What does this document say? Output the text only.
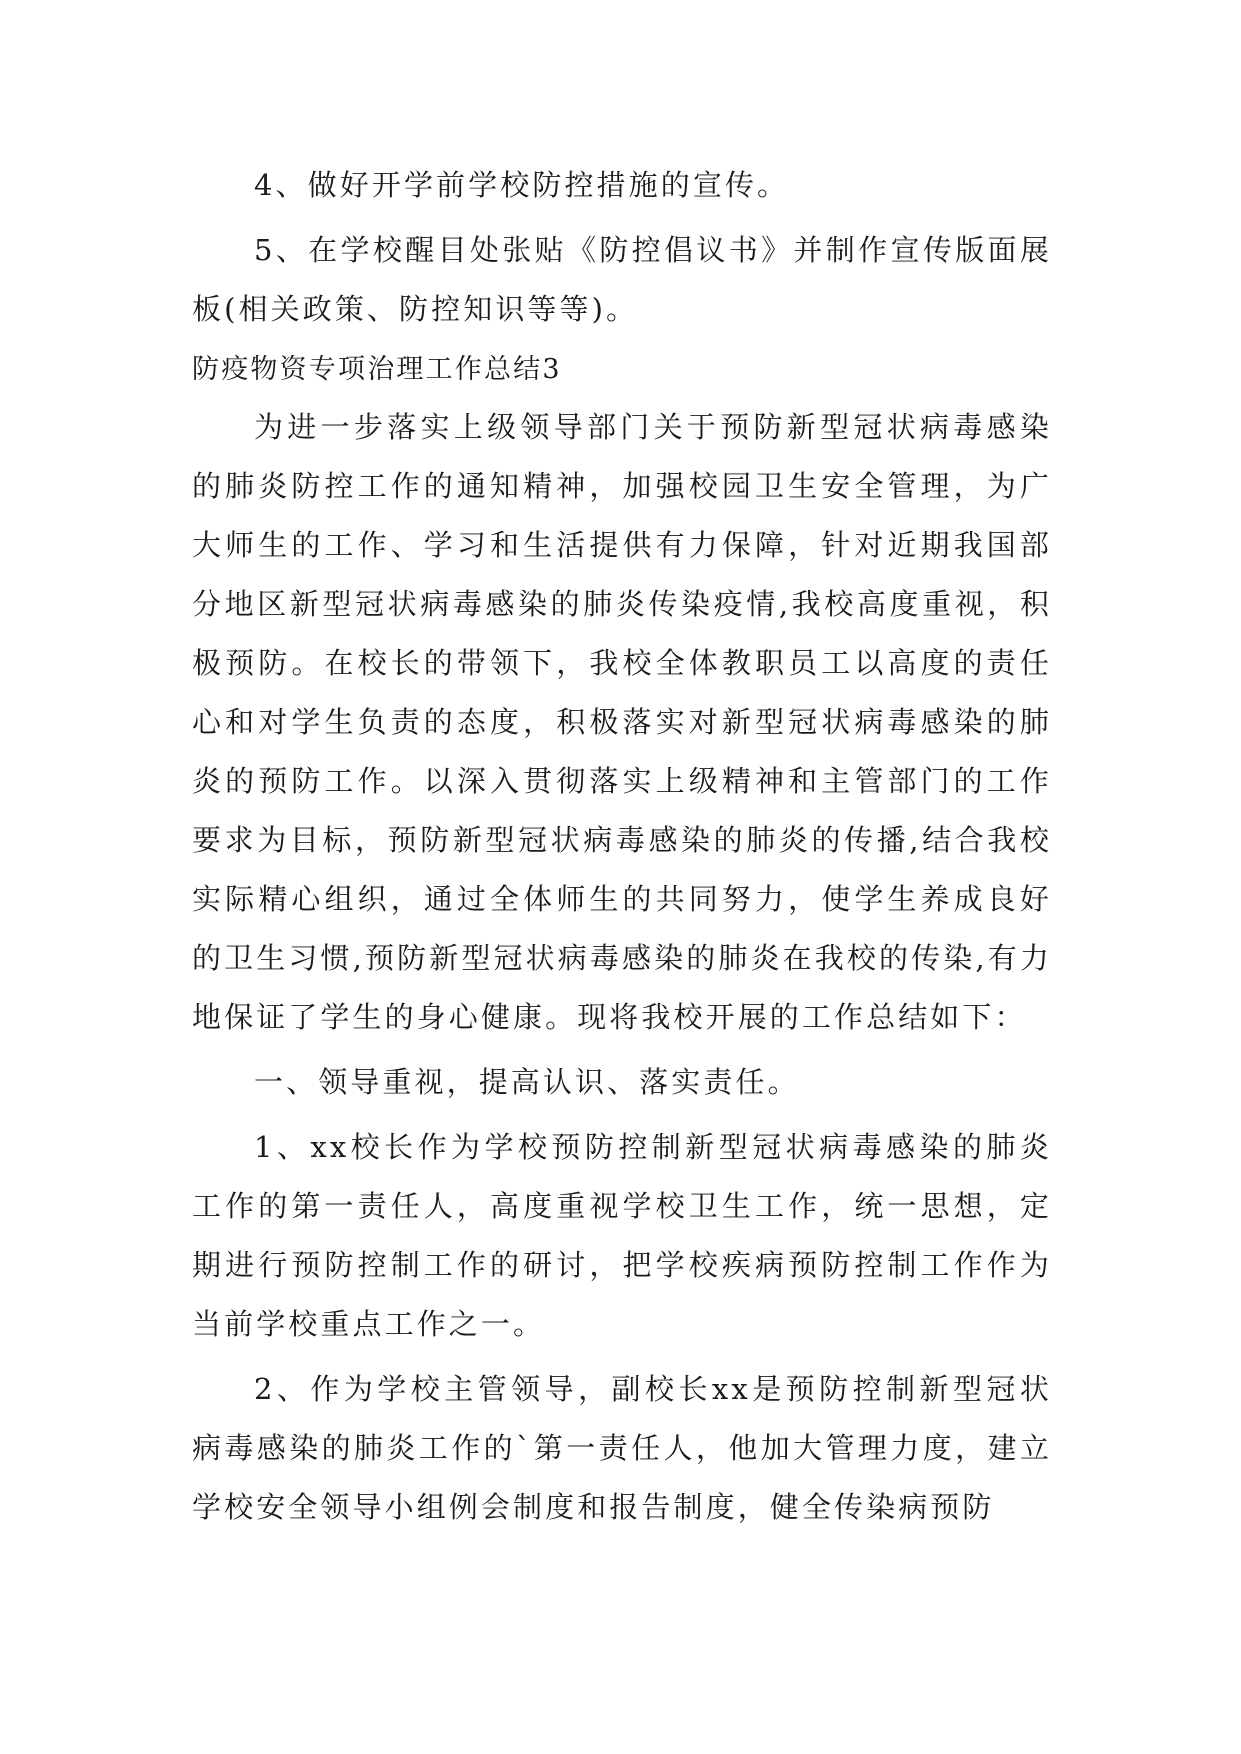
4、做好开学前学校防控措施的宣传。

5、在学校醒目处张贴《防控倡议书》并制作宣传版面展板(相关政策、防控知识等等)。

防疫物资专项治理工作总结3

为进一步落实上级领导部门关于预防新型冠状病毒感染的肺炎防控工作的通知精神，加强校园卫生安全管理，为广大师生的工作、学习和生活提供有力保障，针对近期我国部分地区新型冠状病毒感染的肺炎传染疫情,我校高度重视，积极预防。在校长的带领下，我校全体教职员工以高度的责任心和对学生负责的态度，积极落实对新型冠状病毒感染的肺炎的预防工作。以深入贯彻落实上级精神和主管部门的工作要求为目标，预防新型冠状病毒感染的肺炎的传播,结合我校实际精心组织，通过全体师生的共同努力，使学生养成良好的卫生习惯,预防新型冠状病毒感染的肺炎在我校的传染,有力地保证了学生的身心健康。现将我校开展的工作总结如下：

一、领导重视，提高认识、落实责任。

1、xx校长作为学校预防控制新型冠状病毒感染的肺炎工作的第一责任人，高度重视学校卫生工作，统一思想，定期进行预防控制工作的研讨，把学校疾病预防控制工作作为当前学校重点工作之一。

2、作为学校主管领导，副校长xx是预防控制新型冠状病毒感染的肺炎工作的`第一责任人，他加大管理力度，建立学校安全领导小组例会制度和报告制度，健全传染病预防
